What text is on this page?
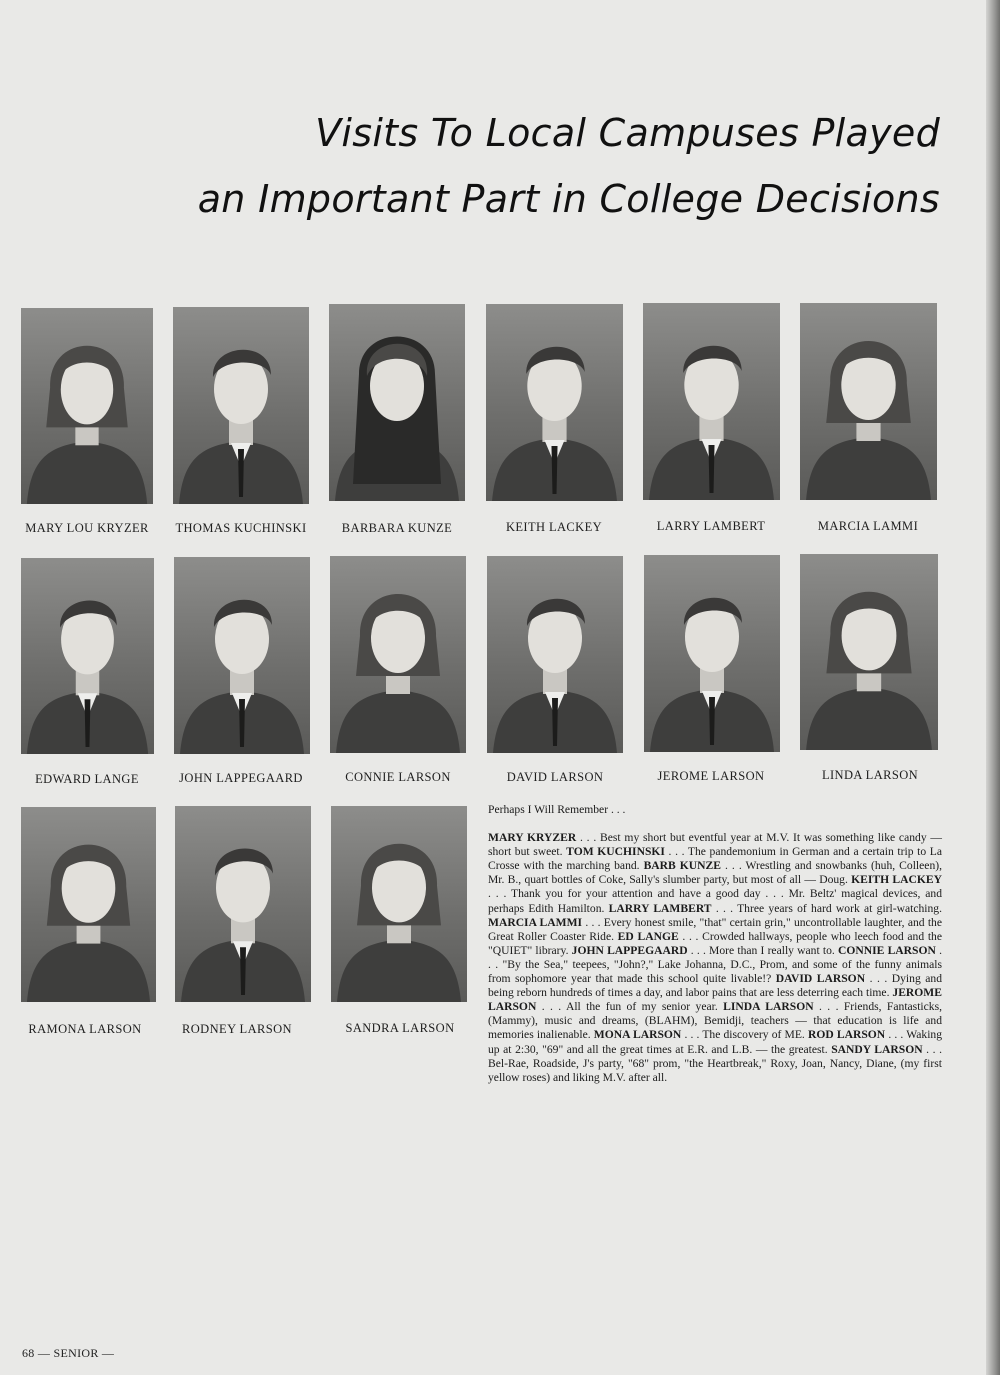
Visits To Local Campuses Played
an Important Part in College Decisions
MARY LOU KRYZER	THOMAS KUCHINSKI	BARBARA KUNZE	KEITH LACKEY	LARRY LAMBERT	MARCIA LAMMI
EDWARD LANGE	JOHN LAPPEGAARD	CONNIE LARSON	DAVID LARSON	JEROME LARSON	LINDA LARSON
RAMONA LARSON	RODNEY LARSON	SANDRA LARSON
Perhaps I Will Remember . . .

MARY KRYZER . . . Best my short but eventful year at M.V. It was something like candy — short but sweet. TOM KUCHINSKI . . . The pandemonium in German and a certain trip to La Crosse with the marching band. BARB KUNZE . . . Wrestling and snowbanks (huh, Colleen), Mr. B., quart bottles of Coke, Sally's slumber party, but most of all — Doug. KEITH LACKEY . . . Thank you for your attention and have a good day . . . Mr. Beltz' magical devices, and perhaps Edith Hamilton. LARRY LAMBERT . . . Three years of hard work at girl-watching. MARCIA LAMMI . . . Every honest smile, "that" certain grin," uncontrollable laughter, and the Great Roller Coaster Ride. ED LANGE . . . Crowded hallways, people who leech food and the "QUIET" library. JOHN LAPPEGAARD . . . More than I really want to. CONNIE LARSON . . . "By the Sea," teepees, "John?," Lake Johanna, D.C., Prom, and some of the funny animals from sophomore year that made this school quite livable!? DAVID LARSON . . . Dying and being reborn hundreds of times a day, and labor pains that are less deterring each time. JEROME LARSON . . . All the fun of my senior year. LINDA LARSON . . . Friends, Fantasticks, (Mammy), music and dreams, (BLAHM), Bemidji, teachers — that education is life and memories inalienable. MONA LARSON . . . The discovery of ME. ROD LARSON . . . Waking up at 2:30, "69" and all the great times at E.R. and L.B. — the greatest. SANDY LARSON . . . Bel-Rae, Roadside, J's party, "68" prom, "the Heartbreak," Roxy, Joan, Nancy, Diane, (my first yellow roses) and liking M.V. after all.

68 — SENIOR —
